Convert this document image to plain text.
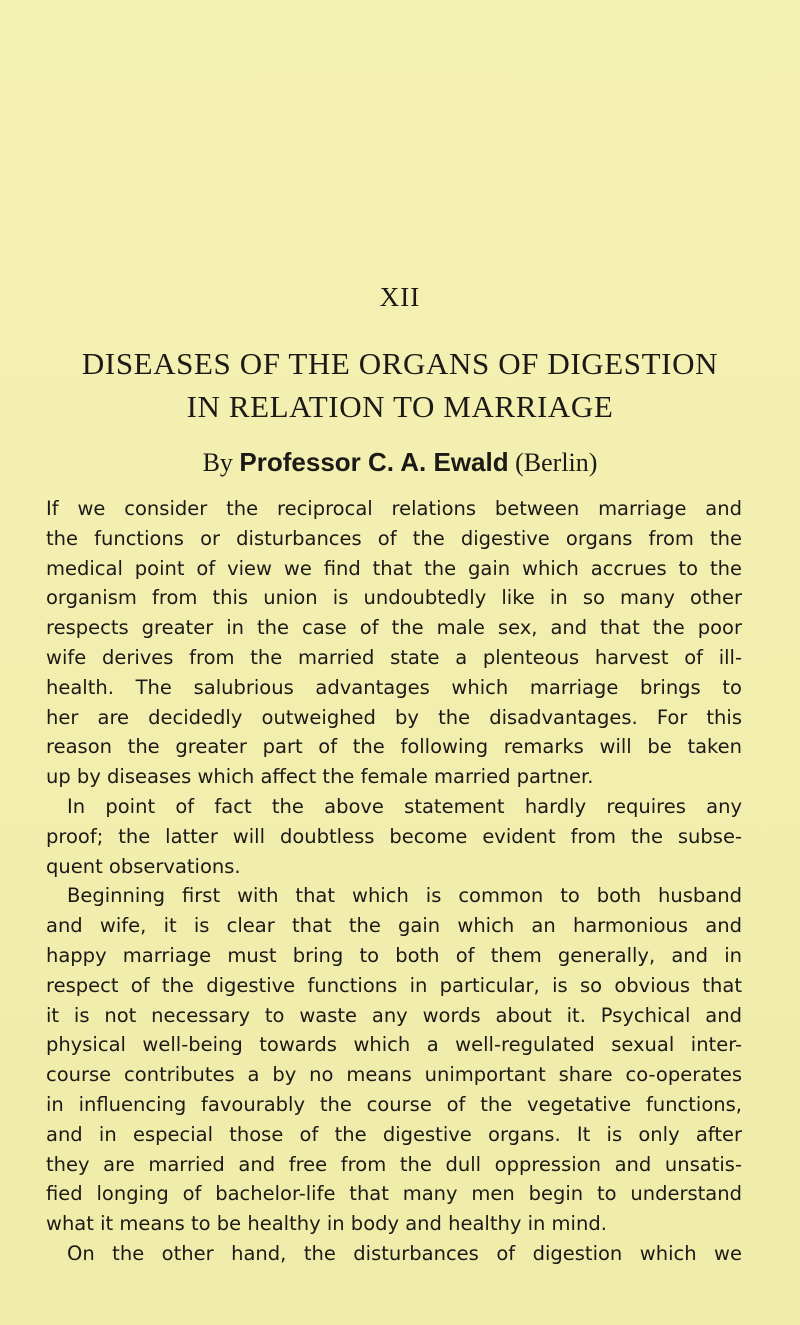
XII
DISEASES OF THE ORGANS OF DIGESTION
IN RELATION TO MARRIAGE
By Professor C. A. Ewald (Berlin)
If we consider the reciprocal relations between marriage and
the functions or disturbances of the digestive organs from the
medical point of view we find that the gain which accrues to the
organism from this union is undoubtedly like in so many other
respects greater in the case of the male sex, and that the poor
wife derives from the married state a plenteous harvest of ill-
health. The salubrious advantages which marriage brings to
her are decidedly outweighed by the disadvantages. For this
reason the greater part of the following remarks will be taken
up by diseases which affect the female married partner.
In point of fact the above statement hardly requires any
proof; the latter will doubtless become evident from the subse-
quent observations.
Beginning first with that which is common to both husband
and wife, it is clear that the gain which an harmonious and
happy marriage must bring to both of them generally, and in
respect of the digestive functions in particular, is so obvious that
it is not necessary to waste any words about it. Psychical and
physical well-being towards which a well-regulated sexual inter-
course contributes a by no means unimportant share co-operates
in influencing favourably the course of the vegetative functions,
and in especial those of the digestive organs. It is only after
they are married and free from the dull oppression and unsatis-
fied longing of bachelor-life that many men begin to understand
what it means to be healthy in body and healthy in mind.
On the other hand, the disturbances of digestion which we
